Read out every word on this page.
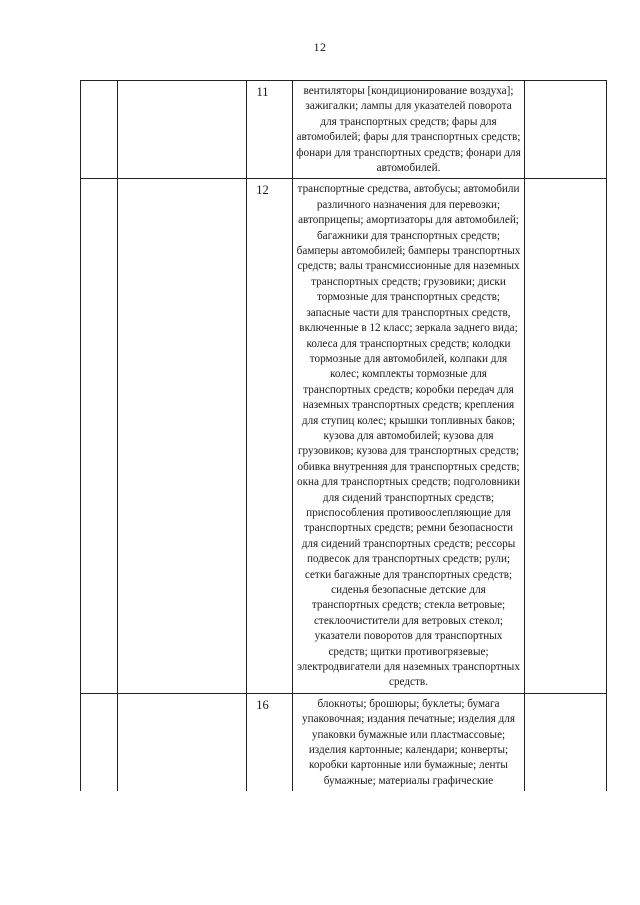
12
		11	вентиляторы [кондиционирование воздуха]; зажигалки; лампы для указателей поворота для транспортных средств; фары для автомобилей; фары для транспортных средств; фонари для транспортных средств; фонари для автомобилей.	
		12	транспортные средства, автобусы; автомобили различного назначения для перевозки; автоприцепы; амортизаторы для автомобилей; багажники для транспортных средств; бамперы автомобилей; бамперы транспортных средств; валы трансмиссионные для наземных транспортных средств; грузовики; диски тормозные для транспортных средств; запасные части для транспортных средств, включенные в 12 класс; зеркала заднего вида; колеса для транспортных средств; колодки тормозные для автомобилей, колпаки для колес; комплекты тормозные для транспортных средств; коробки передач для наземных транспортных средств; крепления для ступиц колес; крышки топливных баков; кузова для автомобилей; кузова для грузовиков; кузова для транспортных средств; обивка внутренняя для транспортных средств; окна для транспортных средств; подголовники для сидений транспортных средств; приспособления противоослепляющие для транспортных средств; ремни безопасности для сидений транспортных средств; рессоры подвесок для транспортных средств; рули; сетки багажные для транспортных средств; сиденья безопасные детские для транспортных средств; стекла ветровые; стеклоочистители для ветровых стекол; указатели поворотов для транспортных средств; щитки противогрязевые; электродвигатели для наземных транспортных средств.	
		16	блокноты; брошюры; буклеты; бумага упаковочная; издания печатные; изделия для упаковки бумажные или пластмассовые; изделия картонные; календари; конверты; коробки картонные или бумажные; ленты бумажные; материалы графические	
